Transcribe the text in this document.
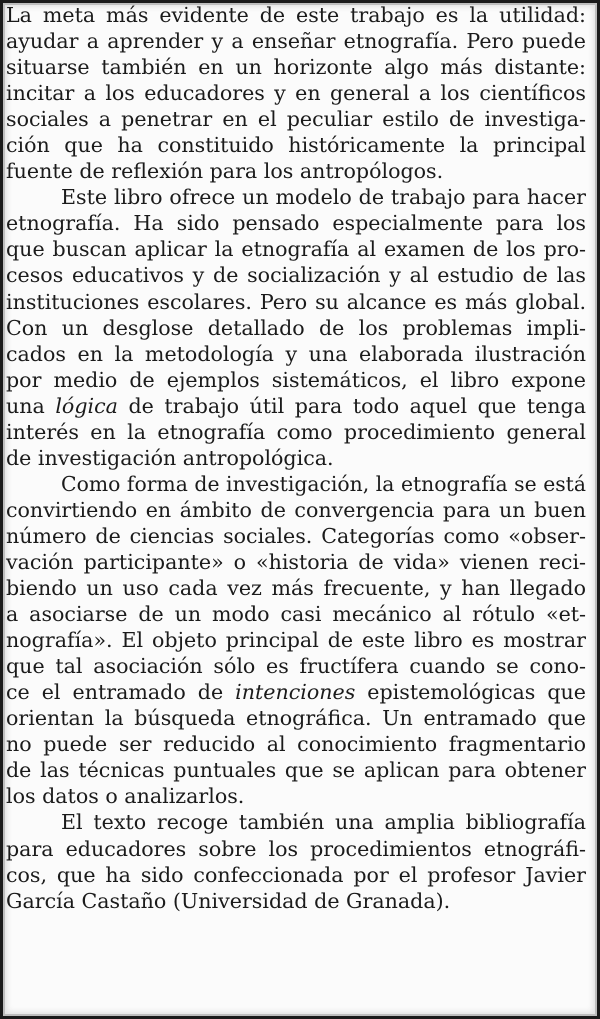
La meta más evidente de este trabajo es la utilidad:
ayudar a aprender y a enseñar etnografía. Pero puede
situarse también en un horizonte algo más distante:
incitar a los educadores y en general a los científicos
sociales a penetrar en el peculiar estilo de investiga-
ción que ha constituido históricamente la principal
fuente de reflexión para los antropólogos.

Este libro ofrece un modelo de trabajo para hacer
etnografía. Ha sido pensado especialmente para los
que buscan aplicar la etnografía al examen de los pro-
cesos educativos y de socialización y al estudio de las
instituciones escolares. Pero su alcance es más global.
Con un desglose detallado de los problemas impli-
cados en la metodología y una elaborada ilustración
por medio de ejemplos sistemáticos, el libro expone
una lógica de trabajo útil para todo aquel que tenga
interés en la etnografía como procedimiento general
de investigación antropológica.

Como forma de investigación, la etnografía se está
convirtiendo en ámbito de convergencia para un buen
número de ciencias sociales. Categorías como «obser-
vación participante» o «historia de vida» vienen reci-
biendo un uso cada vez más frecuente, y han llegado
a asociarse de un modo casi mecánico al rótulo «et-
nografía». El objeto principal de este libro es mostrar
que tal asociación sólo es fructífera cuando se cono-
ce el entramado de intenciones epistemológicas que
orientan la búsqueda etnográfica. Un entramado que
no puede ser reducido al conocimiento fragmentario
de las técnicas puntuales que se aplican para obtener
los datos o analizarlos.

El texto recoge también una amplia bibliografía
para educadores sobre los procedimientos etnográfi-
cos, que ha sido confeccionada por el profesor Javier
García Castaño (Universidad de Granada).
